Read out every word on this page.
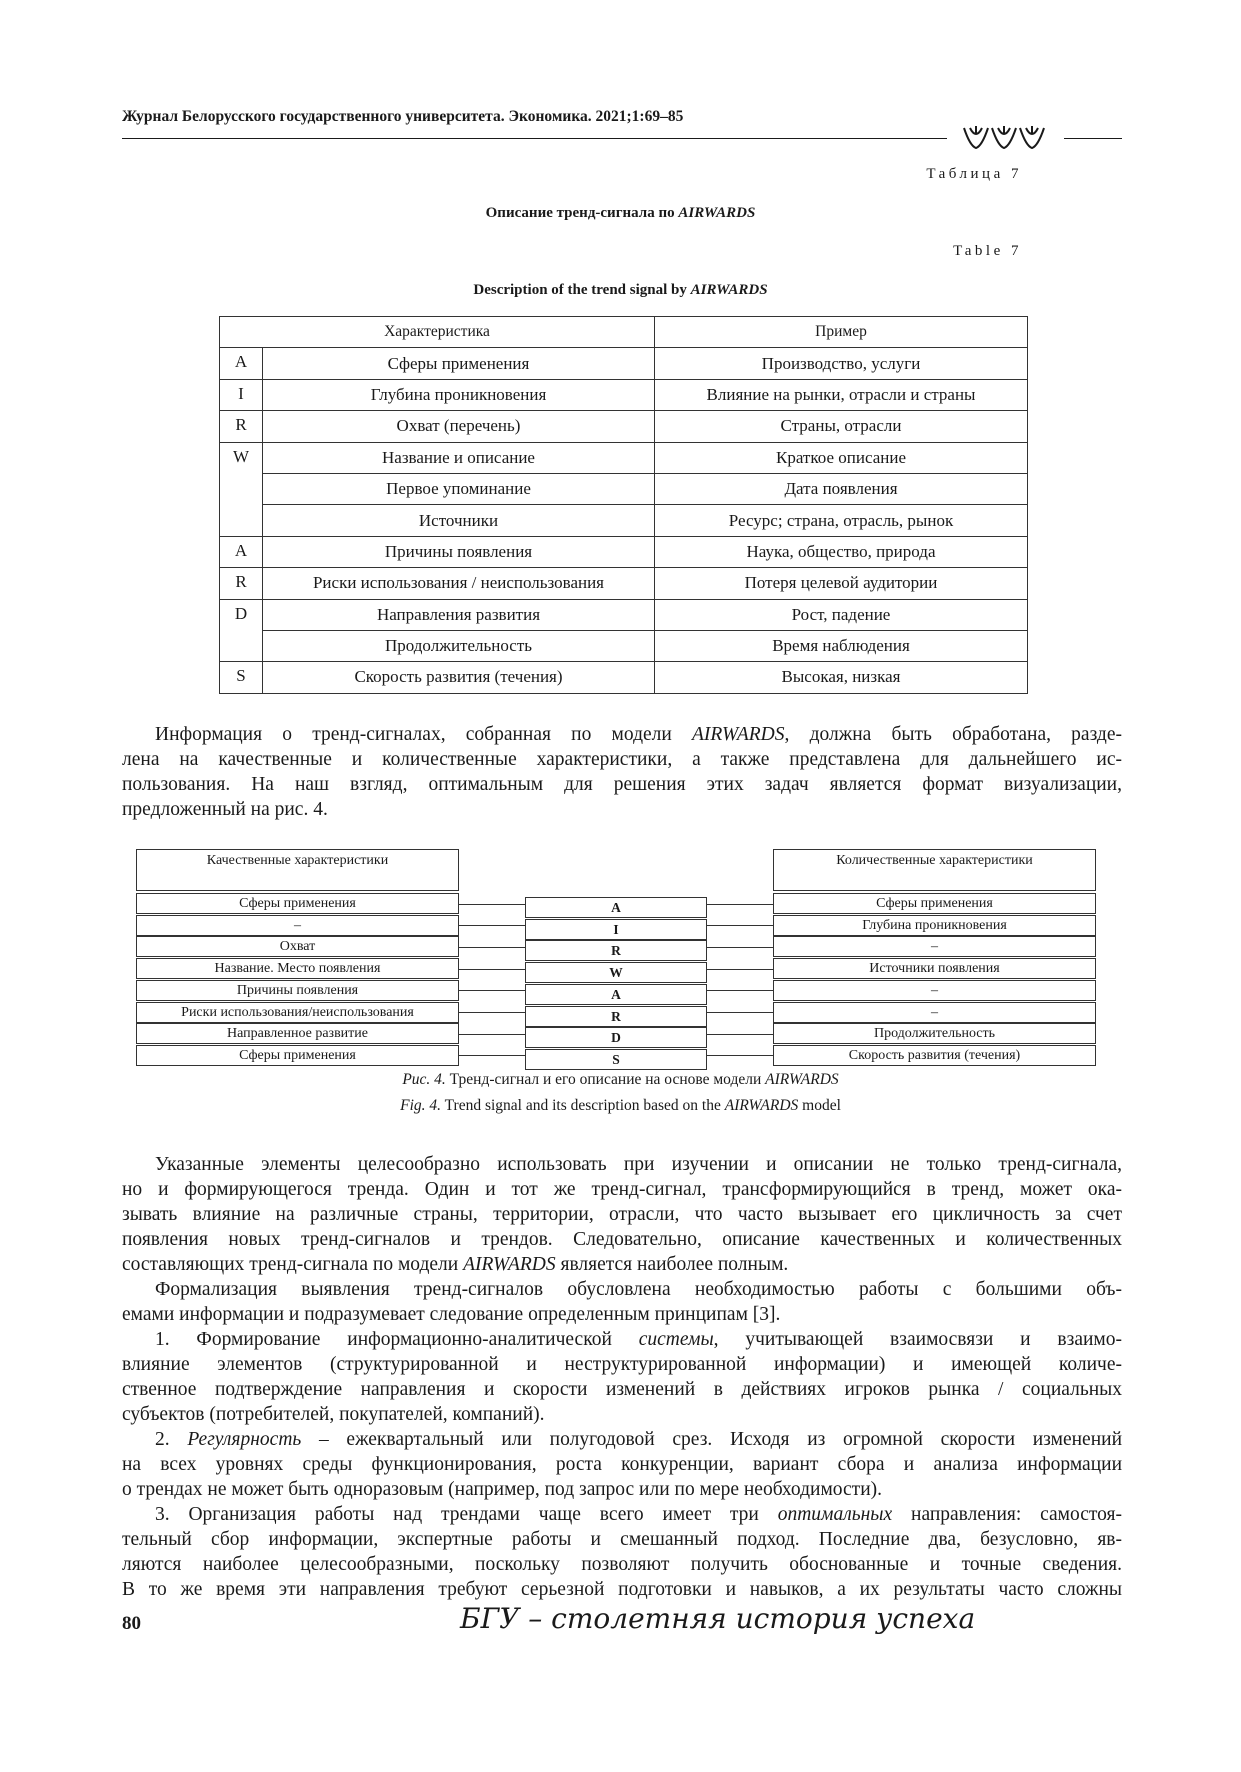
Журнал Белорусского государственного университета. Экономика. 2021;1:69–85
Таблица 7
Описание тренд-сигнала по AIRWARDS
Table 7
Description of the trend signal by AIRWARDS
Характеристика		Пример
A	Сферы применения	Производство, услуги
I	Глубина проникновения	Влияние на рынки, отрасли и страны
R	Охват (перечень)	Страны, отрасли
W	Название и описание	Краткое описание
	Первое упоминание	Дата появления
	Источники	Ресурс; страна, отрасль, рынок
A	Причины появления	Наука, общество, природа
R	Риски использования / неиспользования	Потеря целевой аудитории
D	Направления развития	Рост, падение
	Продолжительность	Время наблюдения
S	Скорость развития (течения)	Высокая, низкая
Информация о тренд-сигналах, собранная по модели AIRWARDS, должна быть обработана, разде-
лена на качественные и количественные характеристики, а также представлена для дальнейшего ис-
пользования. На наш взгляд, оптимальным для решения этих задач является формат визуализации,
предложенный на рис. 4.
Качественные характеристики	Количественные характеристики
Сферы применения	A	Сферы применения
–	I	Глубина проникновения
Охват	R	–
Название. Место появления	W	Источники появления
Причины появления	A	–
Риски использования/неиспользования	R	–
Направленное развитие	D	Продолжительность
Сферы применения	S	Скорость развития (течения)
Рис. 4. Тренд-сигнал и его описание на основе модели AIRWARDS
Fig. 4. Trend signal and its description based on the AIRWARDS model
Указанные элементы целесообразно использовать при изучении и описании не только тренд-сигнала,
но и формирующегося тренда. Один и тот же тренд-сигнал, трансформирующийся в тренд, может ока-
зывать влияние на различные страны, территории, отрасли, что часто вызывает его цикличность за счет
появления новых тренд-сигналов и трендов. Следовательно, описание качественных и количественных
составляющих тренд-сигнала по модели AIRWARDS является наиболее полным.
Формализация выявления тренд-сигналов обусловлена необходимостью работы с большими объ-
емами информации и подразумевает следование определенным принципам [3].
1. Формирование информационно-аналитической системы, учитывающей взаимосвязи и взаимо-
влияние элементов (структурированной и неструктурированной информации) и имеющей количе-
ственное подтверждение направления и скорости изменений в действиях игроков рынка / социальных
субъектов (потребителей, покупателей, компаний).
2. Регулярность – ежеквартальный или полугодовой срез. Исходя из огромной скорости изменений
на всех уровнях среды функционирования, роста конкуренции, вариант сбора и анализа информации
о трендах не может быть одноразовым (например, под запрос или по мере необходимости).
3. Организация работы над трендами чаще всего имеет три оптимальных направления: самостоя-
тельный сбор информации, экспертные работы и смешанный подход. Последние два, безусловно, яв-
ляются наиболее целесообразными, поскольку позволяют получить обоснованные и точные сведения.
В то же время эти направления требуют серьезной подготовки и навыков, а их результаты часто сложны
80	БГУ – столетняя история успеха
